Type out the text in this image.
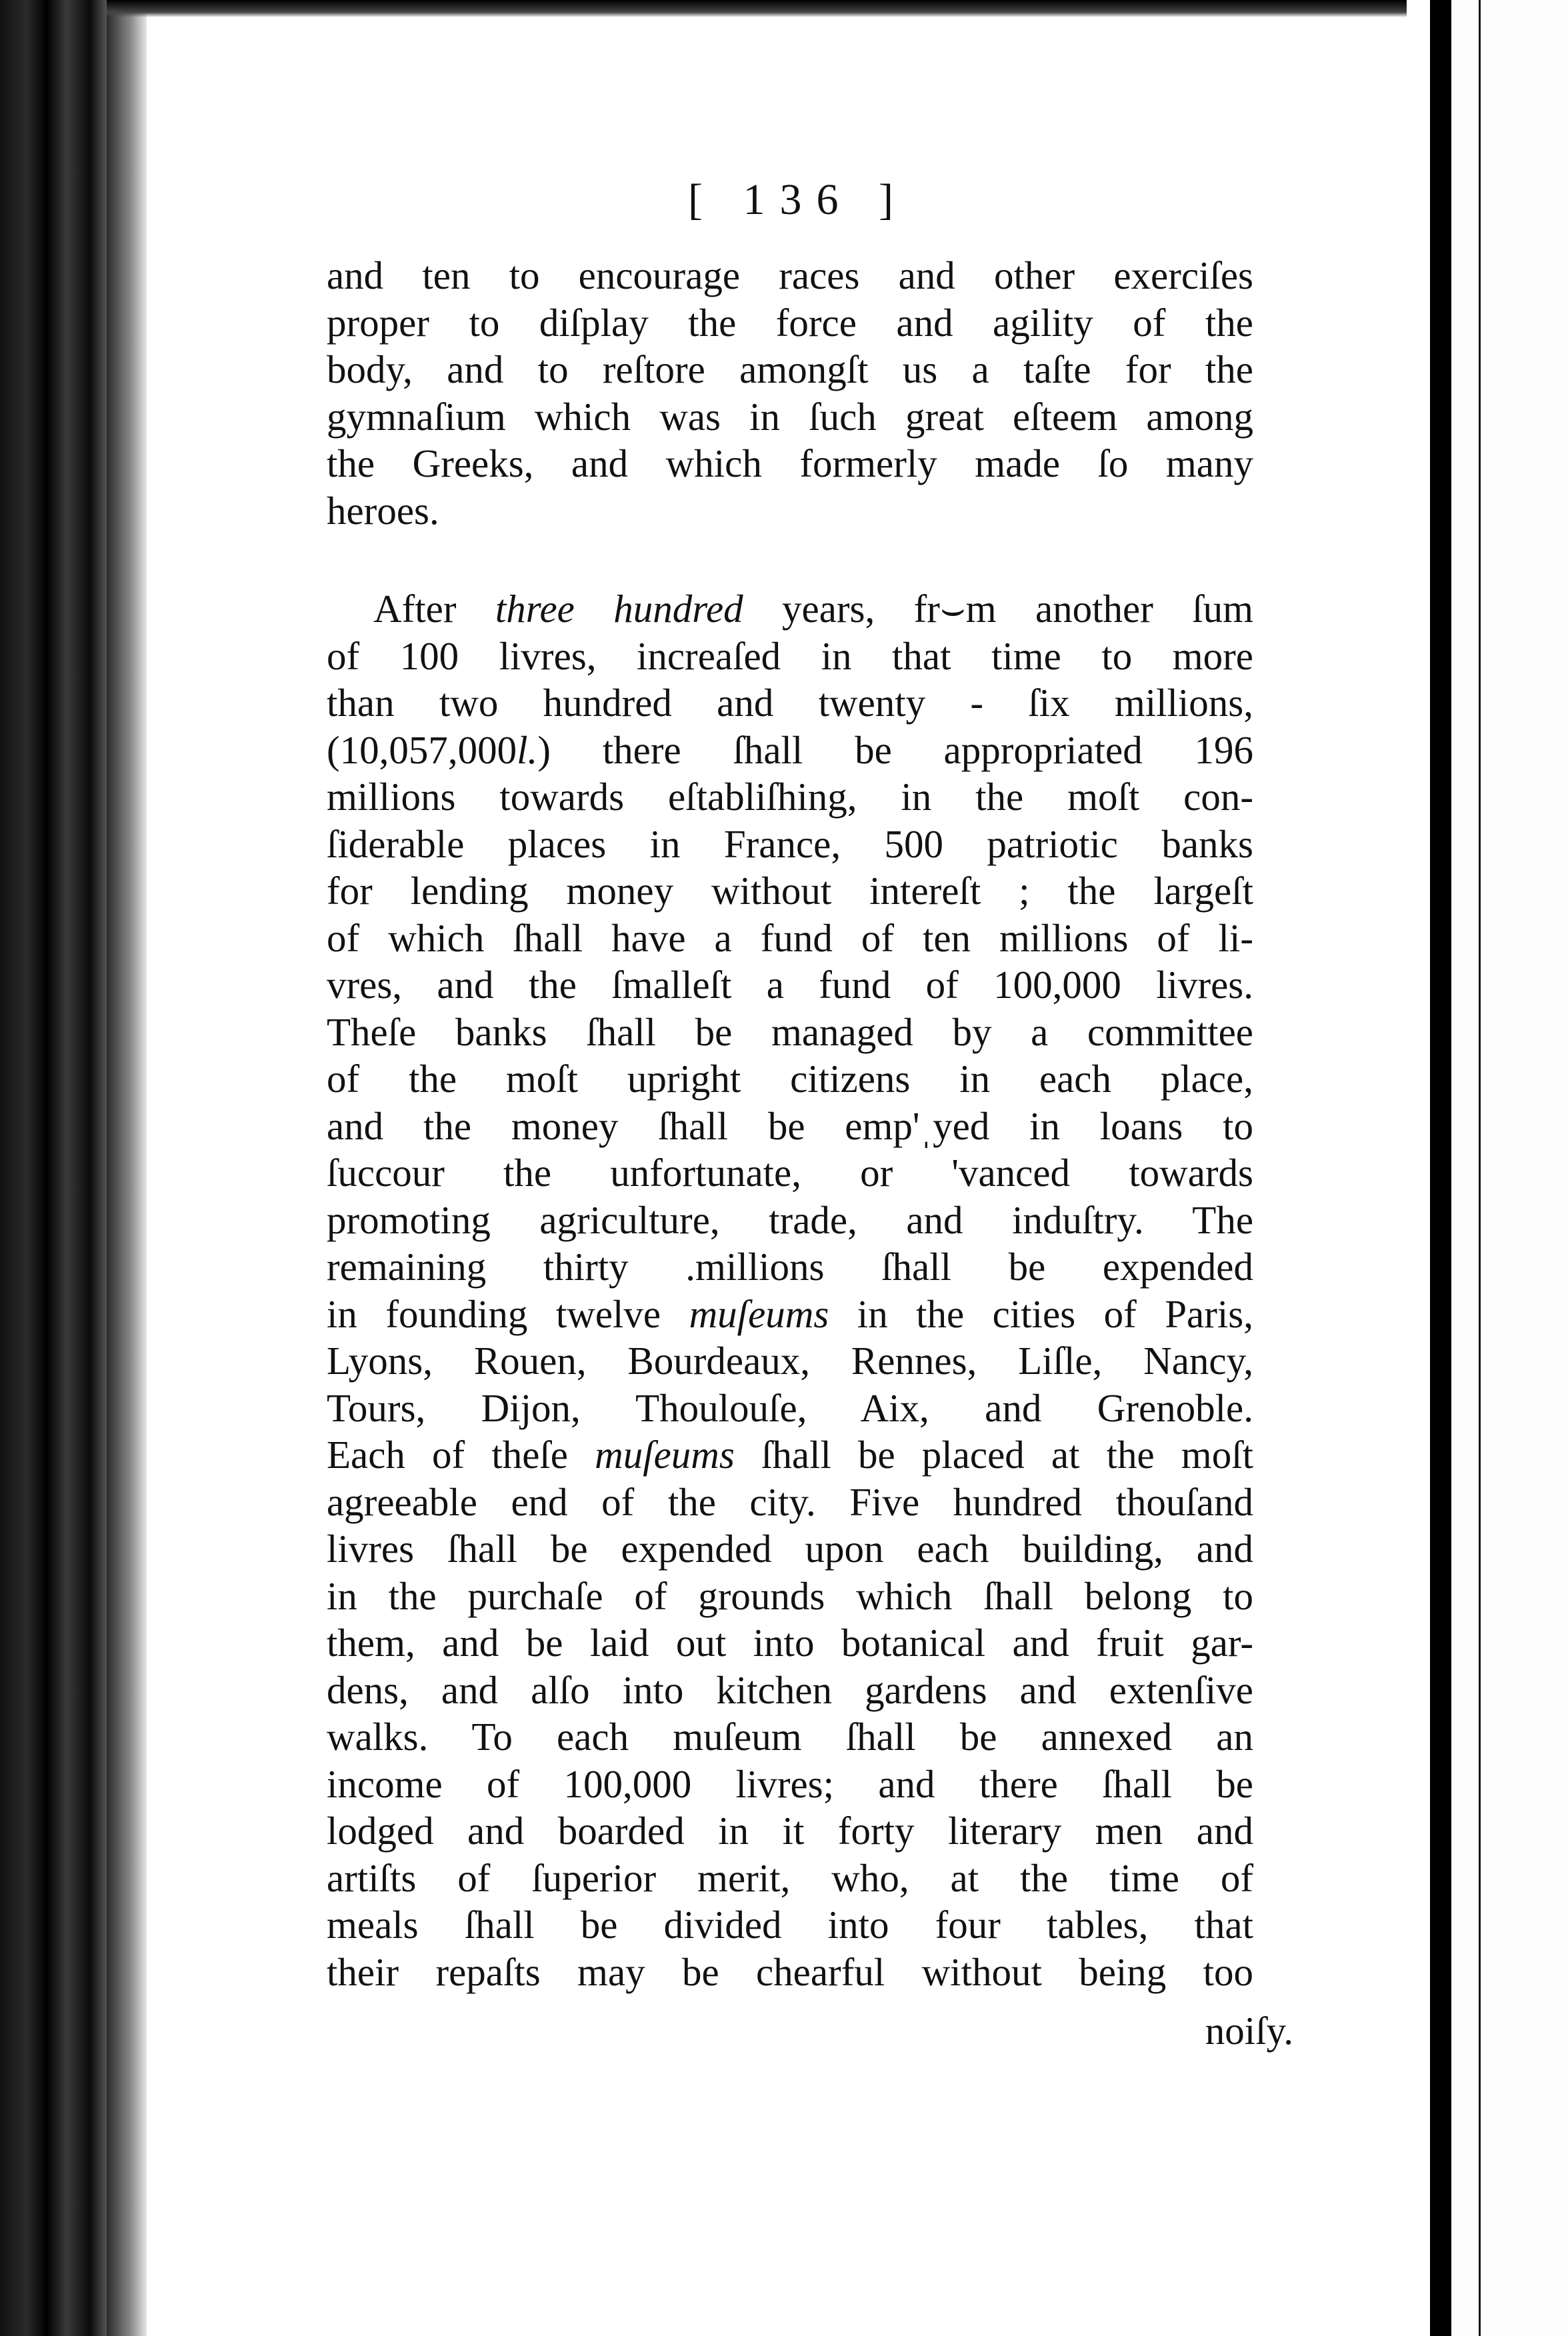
[ 136 ]
and ten to encourage races and other exerciſes
proper to diſplay the force and agility of the
body, and to reſtore amongſt us a taſte for the
gymnaſium which was in ſuch great eſteem among
the Greeks, and which formerly made ſo many
heroes.
After three hundred years, fr⌣m another ſum
of 100 livres, increaſed in that time to more
than two hundred and twenty - ſix millions,
(10,057,000l.) there ſhall be appropriated 196
millions towards eſtabliſhing, in the moſt con-
ſiderable places in France, 500 patriotic banks
for lending money without intereſt ; the largeſt
of which ſhall have a fund of ten millions of li-
vres, and the ſmalleſt a fund of 100,000 livres.
Theſe banks ſhall be managed by a committee
of the moſt upright citizens in each place,
and the money ſhall be emp'ˌyed in loans to
ſuccour the unfortunate, or 'vanced towards
promoting agriculture, trade, and induſtry. The
remaining thirty .millions ſhall be expended
in founding twelve muſeums in the cities of Paris,
Lyons, Rouen, Bourdeaux, Rennes, Liſle, Nancy,
Tours, Dijon, Thoulouſe, Aix, and Grenoble.
Each of theſe muſeums ſhall be placed at the moſt
agreeable end of the city. Five hundred thouſand
livres ſhall be expended upon each building, and
in the purchaſe of grounds which ſhall belong to
them, and be laid out into botanical and fruit gar-
dens, and alſo into kitchen gardens and extenſive
walks. To each muſeum ſhall be annexed an
income of 100,000 livres; and there ſhall be
lodged and boarded in it forty literary men and
artiſts of ſuperior merit, who, at the time of
meals ſhall be divided into four tables, that
their repaſts may be chearful without being too
noiſy.
